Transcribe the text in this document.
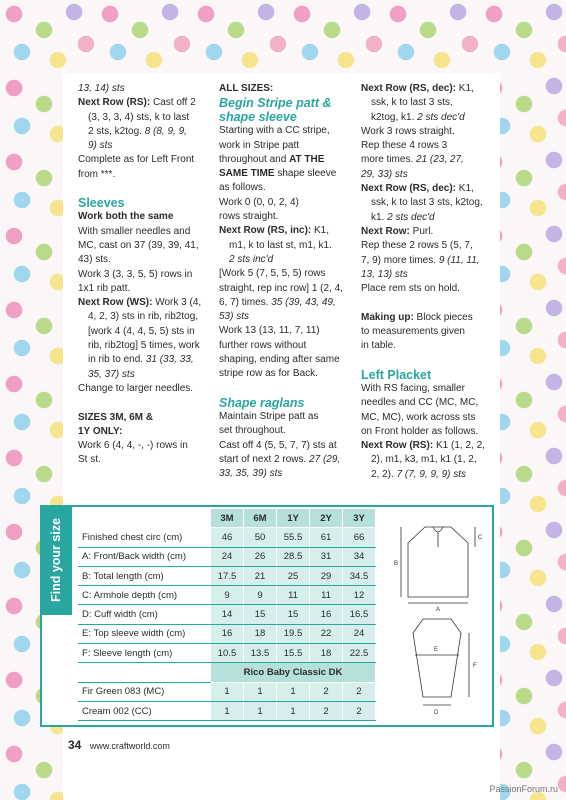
13, 14) sts

Next Row (RS): Cast off 2

(3, 3, 3, 4) sts, k to last

2 sts, k2tog. 8 (8, 9, 9,

9) sts

Complete as for Left Front

from ***.

Sleeves

Work both the same

With smaller needles and

MC, cast on 37 (39, 39, 41,

43) sts.

Work 3 (3, 3, 5, 5) rows in

1x1 rib patt.

Next Row (WS): Work 3 (4,

4, 2, 3) sts in rib, rib2tog,

[work 4 (4, 4, 5, 5) sts in

rib, rib2tog] 5 times, work

in rib to end. 31 (33, 33,

35, 37) sts

Change to larger needles.

SIZES 3M, 6M &

1Y ONLY:

Work 6 (4, 4, -, -) rows in

St st.

ALL SIZES:

Begin Stripe patt &

shape sleeve

Starting with a CC stripe,

work in Stripe patt

throughout and AT THE

SAME TIME shape sleeve

as follows.

Work 0 (0, 0, 2, 4)

rows straight.

Next Row (RS, inc): K1,

m1, k to last st, m1, k1.

2 sts inc'd

[Work 5 (7, 5, 5, 5) rows

straight, rep inc row] 1 (2, 4,

6, 7) times. 35 (39, 43, 49,

53) sts

Work 13 (13, 11, 7, 11)

further rows without

shaping, ending after same

stripe row as for Back.

Shape raglans

Maintain Stripe patt as

set throughout.

Cast off 4 (5, 5, 7, 7) sts at

start of next 2 rows. 27 (29,

33, 35, 39) sts

Next Row (RS, dec): K1,

ssk, k to last 3 sts,

k2tog, k1. 2 sts dec'd

Work 3 rows straight.

Rep these 4 rows 3

more times. 21 (23, 27,

29, 33) sts

Next Row (RS, dec): K1,

ssk, k to last 3 sts, k2tog,

k1. 2 sts dec'd

Next Row: Purl.

Rep these 2 rows 5 (5, 7,

7, 9) more times. 9 (11, 11,

13, 13) sts

Place rem sts on hold.

Making up: Block pieces

to measurements given

in table.

Left Placket

With RS facing, smaller

needles and CC (MC, MC,

MC, MC), work across sts

on Front holder as follows.

Next Row (RS): K1 (1, 2, 2,

2), m1, k3, m1, k1 (1, 2,

2, 2). 7 (7, 9, 9, 9) sts

Find your size
		3M	6M	1Y	2Y	3Y
Finished chest circ (cm)	46	50	55.5	61	66
A: Front/Back width (cm)	24	26	28.5	31	34
B: Total length (cm)	17.5	21	25	29	34.5
C: Armhole depth (cm)	9	9	11	11	12
D: Cuff width (cm)	14	15	15	16	16.5
E: Top sleeve width (cm)	16	18	19.5	22	24
F: Sleeve length (cm)	10.5	13.5	15.5	18	22.5
	Rico Baby Classic DK				
Fir Green 083 (MC)	1	1	1	2	2
Cream 002 (CC)	1	1	1	2	2
A
B
C
D
E
F
34 www.craftworld.com
PassionForum.ru
